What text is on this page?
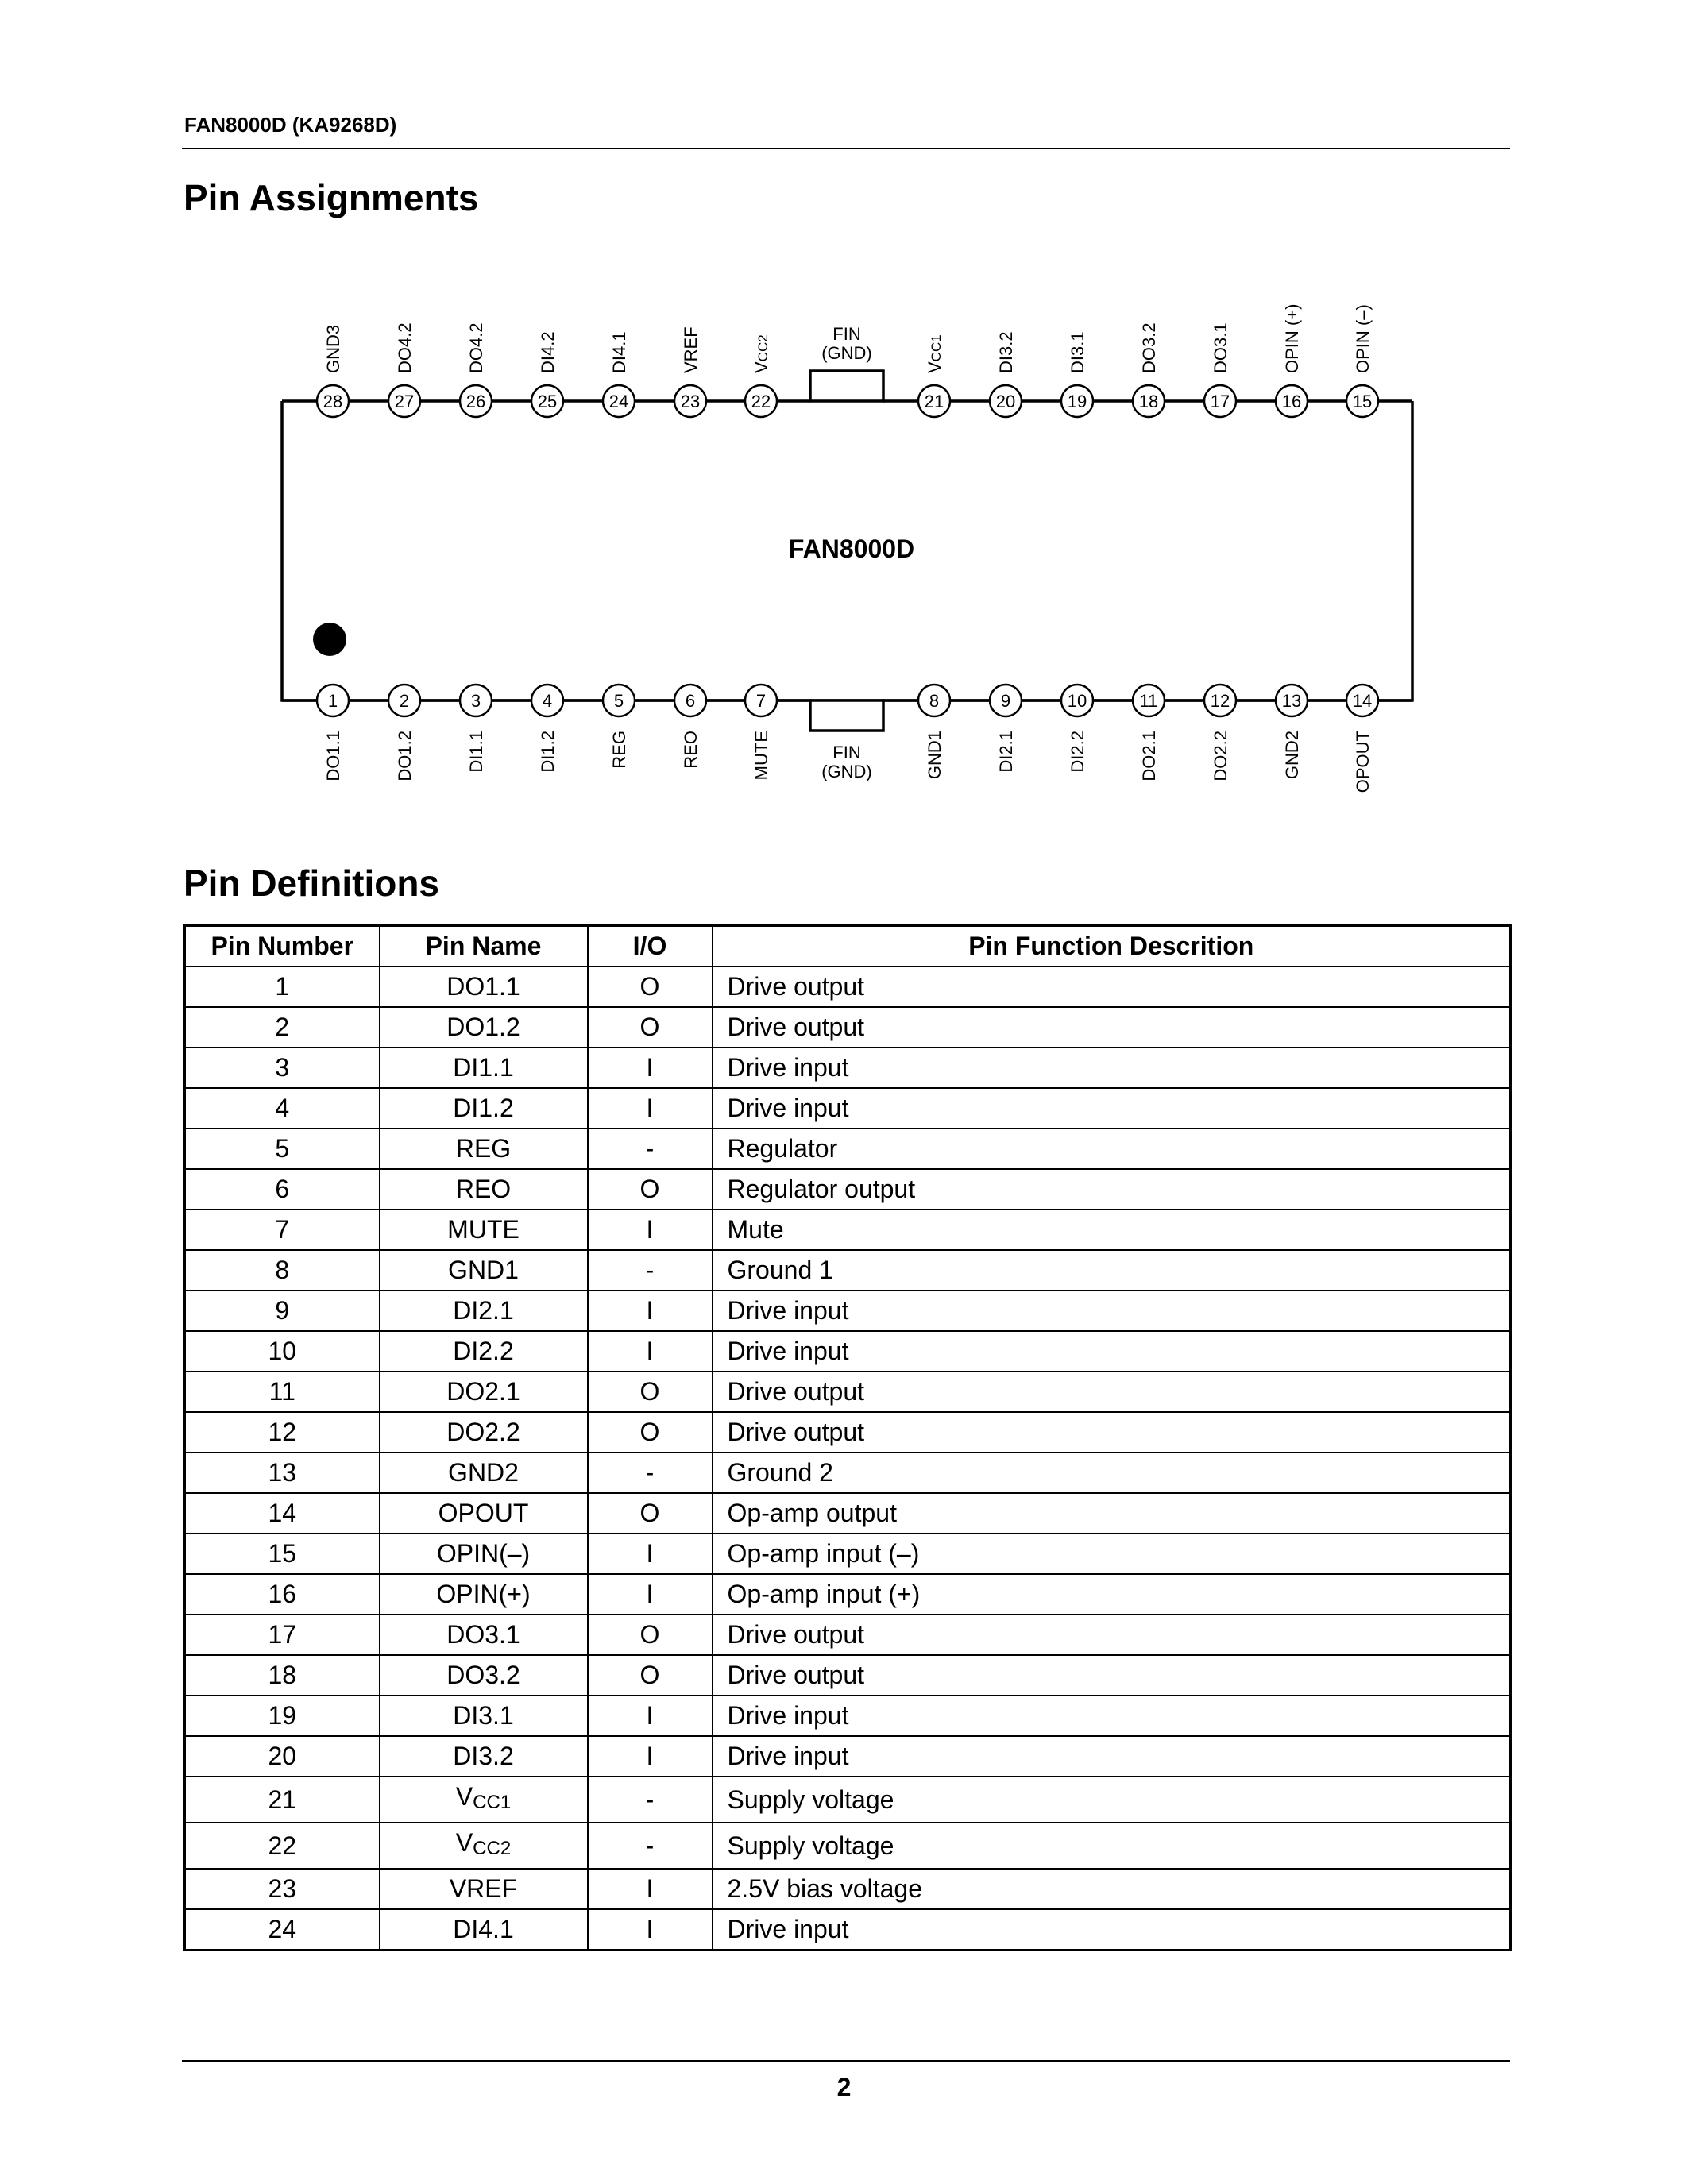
FAN8000D (KA9268D)
Pin Assignments
FIN
(GND)
FIN
(GND)
FAN8000D
28
GND3
27
DO4.2
26
DO4.2
25
DI4.2
24
DI4.1
23
VREF
22
VCC2
21
VCC1
20
DI3.2
19
DI3.1
18
DO3.2
17
DO3.1
16
OPIN (+)
15
OPIN (–)
1
DO1.1
2
DO1.2
3
DI1.1
4
DI1.2
5
REG
6
REO
7
MUTE
8
GND1
9
DI2.1
10
DI2.2
11
DO2.1
12
DO2.2
13
GND2
14
OPOUT
Pin Definitions
Pin Number	Pin Name	I/O	Pin Function Descrition
1	DO1.1	O	Drive output
2	DO1.2	O	Drive output
3	DI1.1	I	Drive input
4	DI1.2	I	Drive input
5	REG	-	Regulator
6	REO	O	Regulator output
7	MUTE	I	Mute
8	GND1	-	Ground 1
9	DI2.1	I	Drive input
10	DI2.2	I	Drive input
11	DO2.1	O	Drive output
12	DO2.2	O	Drive output
13	GND2	-	Ground 2
14	OPOUT	O	Op-amp output
15	OPIN(–)	I	Op-amp input (–)
16	OPIN(+)	I	Op-amp input (+)
17	DO3.1	O	Drive output
18	DO3.2	O	Drive output
19	DI3.1	I	Drive input
20	DI3.2	I	Drive input
21	VCC1	-	Supply voltage
22	VCC2	-	Supply voltage
23	VREF	I	2.5V bias voltage
24	DI4.1	I	Drive input
2
